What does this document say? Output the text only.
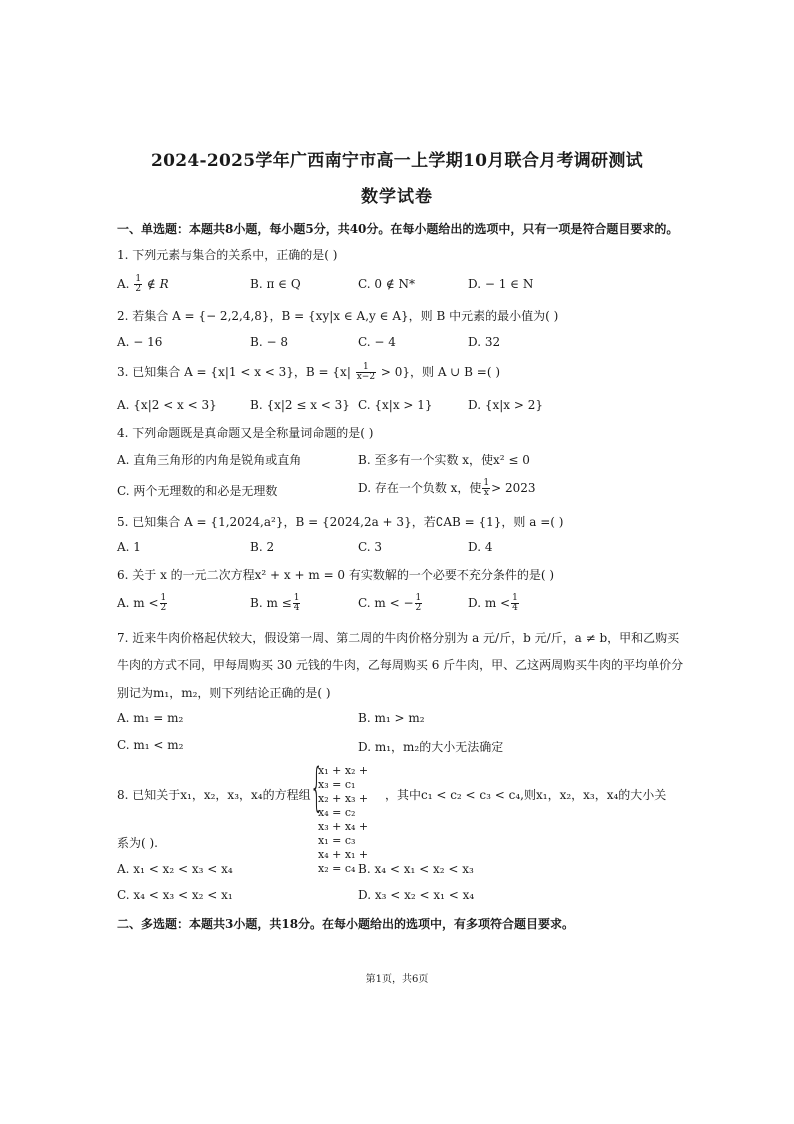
2024-2025学年广西南宁市高一上学期10月联合月考调研测试
数学试卷
一、单选题：本题共8小题，每小题5分，共40分。在每小题给出的选项中，只有一项是符合题目要求的。
1. 下列元素与集合的关系中，正确的是( )
A. $\frac{1}{2}$ ∉ R	B. π ∈ Q	C. 0 ∉ N*	D. − 1 ∈ N
2. 若集合 A = {− 2,2,4,8}，B = {xy|x ∈ A,y ∈ A}，则 B 中元素的最小值为( )
A. − 16	B. − 8	C. − 4	D. 32
3. 已知集合 A = {x|1 < x < 3}，$B = \{x| \frac{1}{x-2} > 0\}$，则 A ∪ B =( )
A. {x|2 < x < 3}	B. {x|2 ≤ x < 3} C. {x|x > 1}	D. {x|x > 2}
4. 下列命题既是真命题又是全称量词命题的是( )
A. 直角三角形的内角是锐角或直角	B. 至多有一个实数 x，使x² ≤ 0
C. 两个无理数的和必是无理数	D. 存在一个负数 x，使 $\frac{1}{x} > 2023$
5. 已知集合 A = {1,2024,a²}，B = {2024,2a + 3}，若∁AB = {1}，则 a =( )
A. 1	B. 2	C. 3	D. 4
6. 关于 x 的一元二次方程x² + x + m = 0 有实数解的一个必要不充分条件的是( )
A. $m < \frac{1}{2}$	B. $m \le \frac{1}{4}$	C. m < − $\frac{1}{2}$	D. $m < \frac{1}{4}$
7. 近来牛肉价格起伏较大，假设第一周、第二周的牛肉价格分别为 a 元/斤，b 元/斤，a ≠ b，甲和乙购买
牛肉的方式不同，甲每周购买 30 元钱的牛肉，乙每周购买 6 斤牛肉，甲、乙这两周购买牛肉的平均单价分
别记为m₁，m₂，则下列结论正确的是( )
A. m₁ = m₂	B. m₁ > m₂
C. m₁ < m₂	D. m₁，m₂的大小无法确定
8. 已知关于x₁，x₂，x₃，x₄的方程组 {
x₁ + x₂ + x₃ = c₁
x₂ + x₃ + x₄ = c₂
x₃ + x₄ + x₁ = c₃
x₄ + x₁ + x₂ = c₄
，其中c₁ < c₂ < c₃ < c₄,则x₁，x₂，x₃，x₄的大小关
系为( ).
A. x₁ < x₂ < x₃ < x₄	B. x₄ < x₁ < x₂ < x₃
C. x₄ < x₃ < x₂ < x₁	D. x₃ < x₂ < x₁ < x₄
二、多选题：本题共3小题，共18分。在每小题给出的选项中，有多项符合题目要求。
第1页，共6页
